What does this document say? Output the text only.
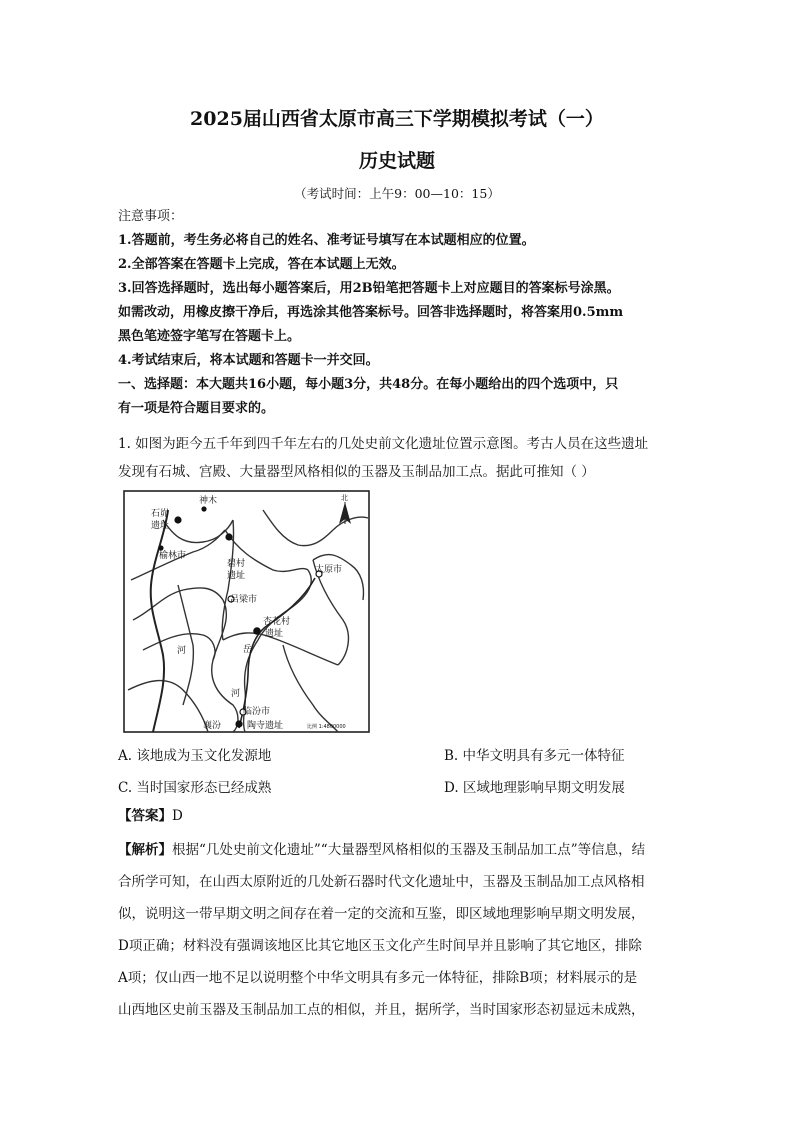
2025届山西省太原市高三下学期模拟考试（一）
历史试题
（考试时间：上午9：00—10：15）
注意事项：
1.答题前，考生务必将自己的姓名、准考证号填写在本试题相应的位置。
2.全部答案在答题卡上完成，答在本试题上无效。
3.回答选择题时，选出每小题答案后，用2B铅笔把答题卡上对应题目的答案标号涂黑。
如需改动，用橡皮擦干净后，再选涂其他答案标号。回答非选择题时，将答案用0.5mm
黑色笔迹签字笔写在答题卡上。
4.考试结束后，将本试题和答题卡一并交回。
一、选择题：本大题共16小题，每小题3分，共48分。在每小题给出的四个选项中，只
有一项是符合题目要求的。
1. 如图为距今五千年到四千年左右的几处史前文化遗址位置示意图。考古人员在这些遗址
发现有石城、宫殿、大量器型风格相似的玉器及玉制品加工点。据此可推知（ ）
北
石峁
遗址
神木
榆林市
碧村
遗址
太原市
吕梁市
杏花村
遗址
河	岳
河
临汾市
襄汾	陶寺遗址	比例 1:4800000
A. 该地成为玉文化发源地	B. 中华文明具有多元一体特征
C. 当时国家形态已经成熟	D. 区域地理影响早期文明发展
【答案】D
【解析】根据“几处史前文化遗址”“大量器型风格相似的玉器及玉制品加工点”等信息，结
合所学可知，在山西太原附近的几处新石器时代文化遗址中，玉器及玉制品加工点风格相
似，说明这一带早期文明之间存在着一定的交流和互鉴，即区域地理影响早期文明发展，
D项正确；材料没有强调该地区比其它地区玉文化产生时间早并且影响了其它地区，排除
A项；仅山西一地不足以说明整个中华文明具有多元一体特征，排除B项；材料展示的是
山西地区史前玉器及玉制品加工点的相似，并且，据所学，当时国家形态初显远未成熟，
